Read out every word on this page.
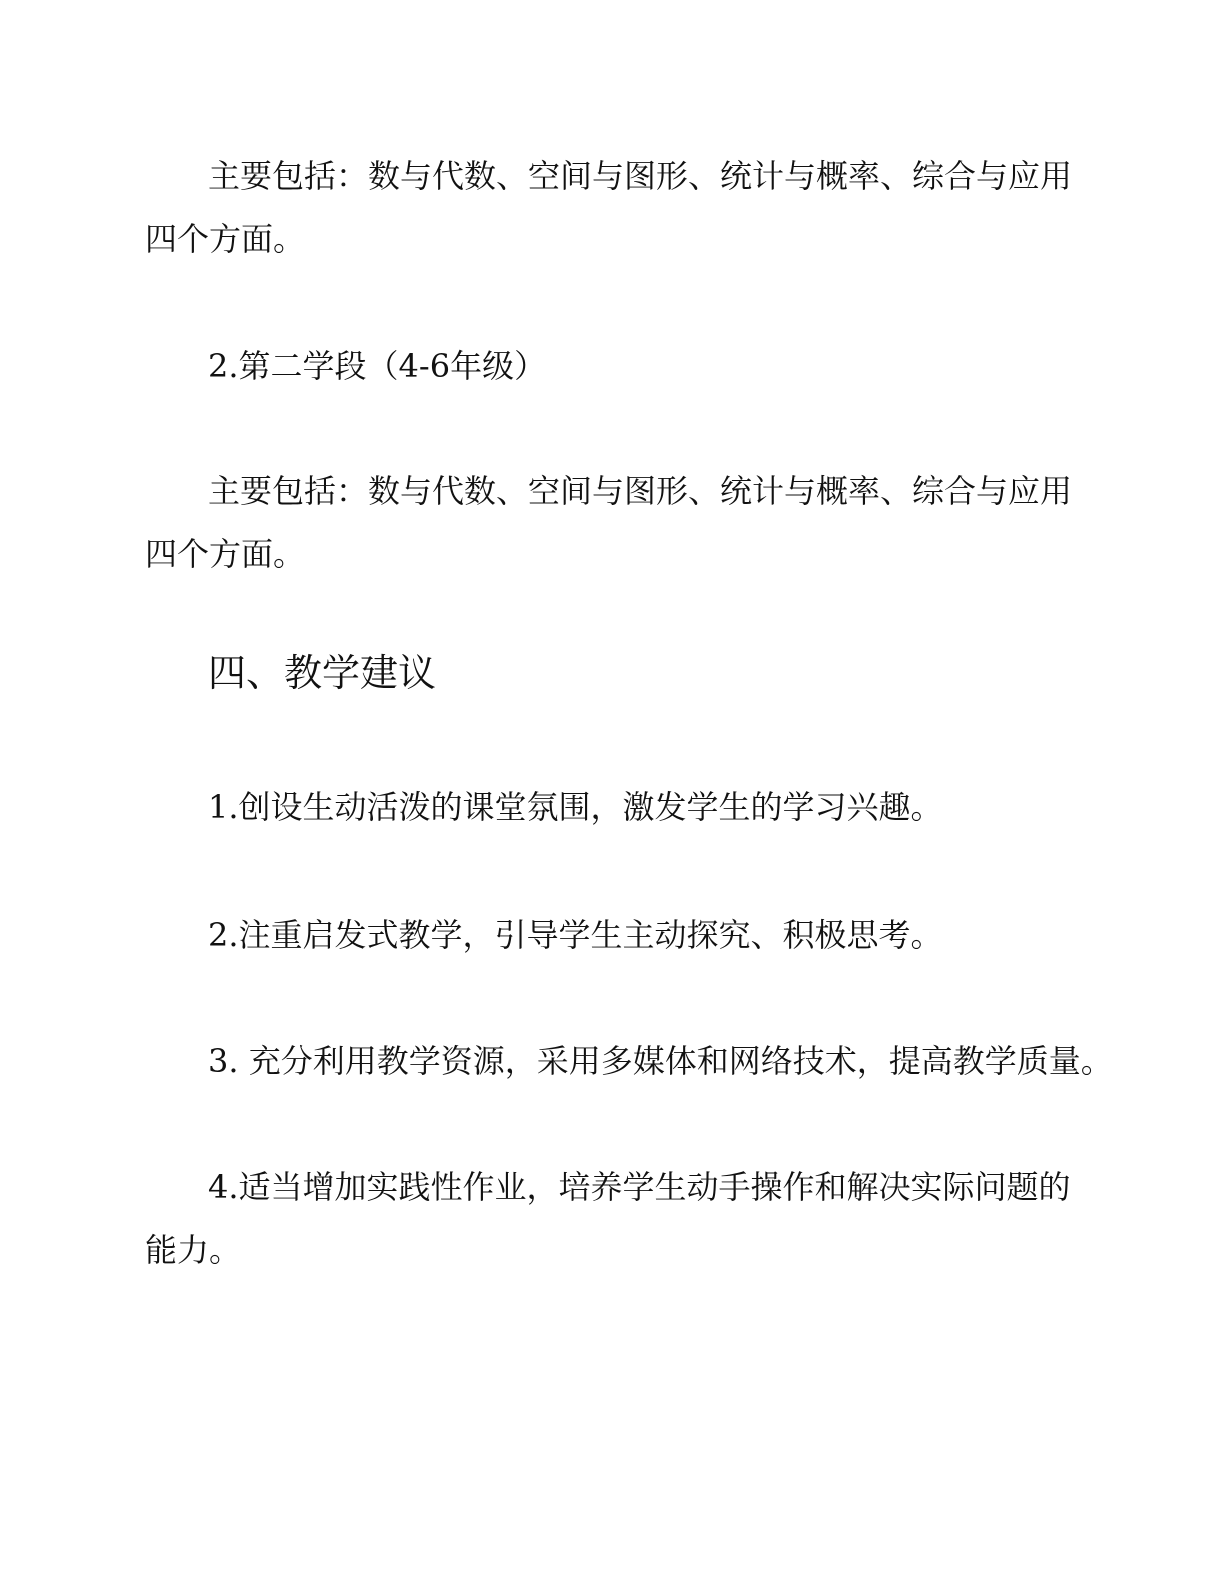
主要包括：数与代数、空间与图形、统计与概率、综合与应用
四个方面。
2.第二学段（4-6年级）
主要包括：数与代数、空间与图形、统计与概率、综合与应用
四个方面。
四、教学建议
1.创设生动活泼的课堂氛围，激发学生的学习兴趣。
2.注重启发式教学，引导学生主动探究、积极思考。
3. 充分利用教学资源，采用多媒体和网络技术，提高教学质量。
4.适当增加实践性作业，培养学生动手操作和解决实际问题的
能力。
